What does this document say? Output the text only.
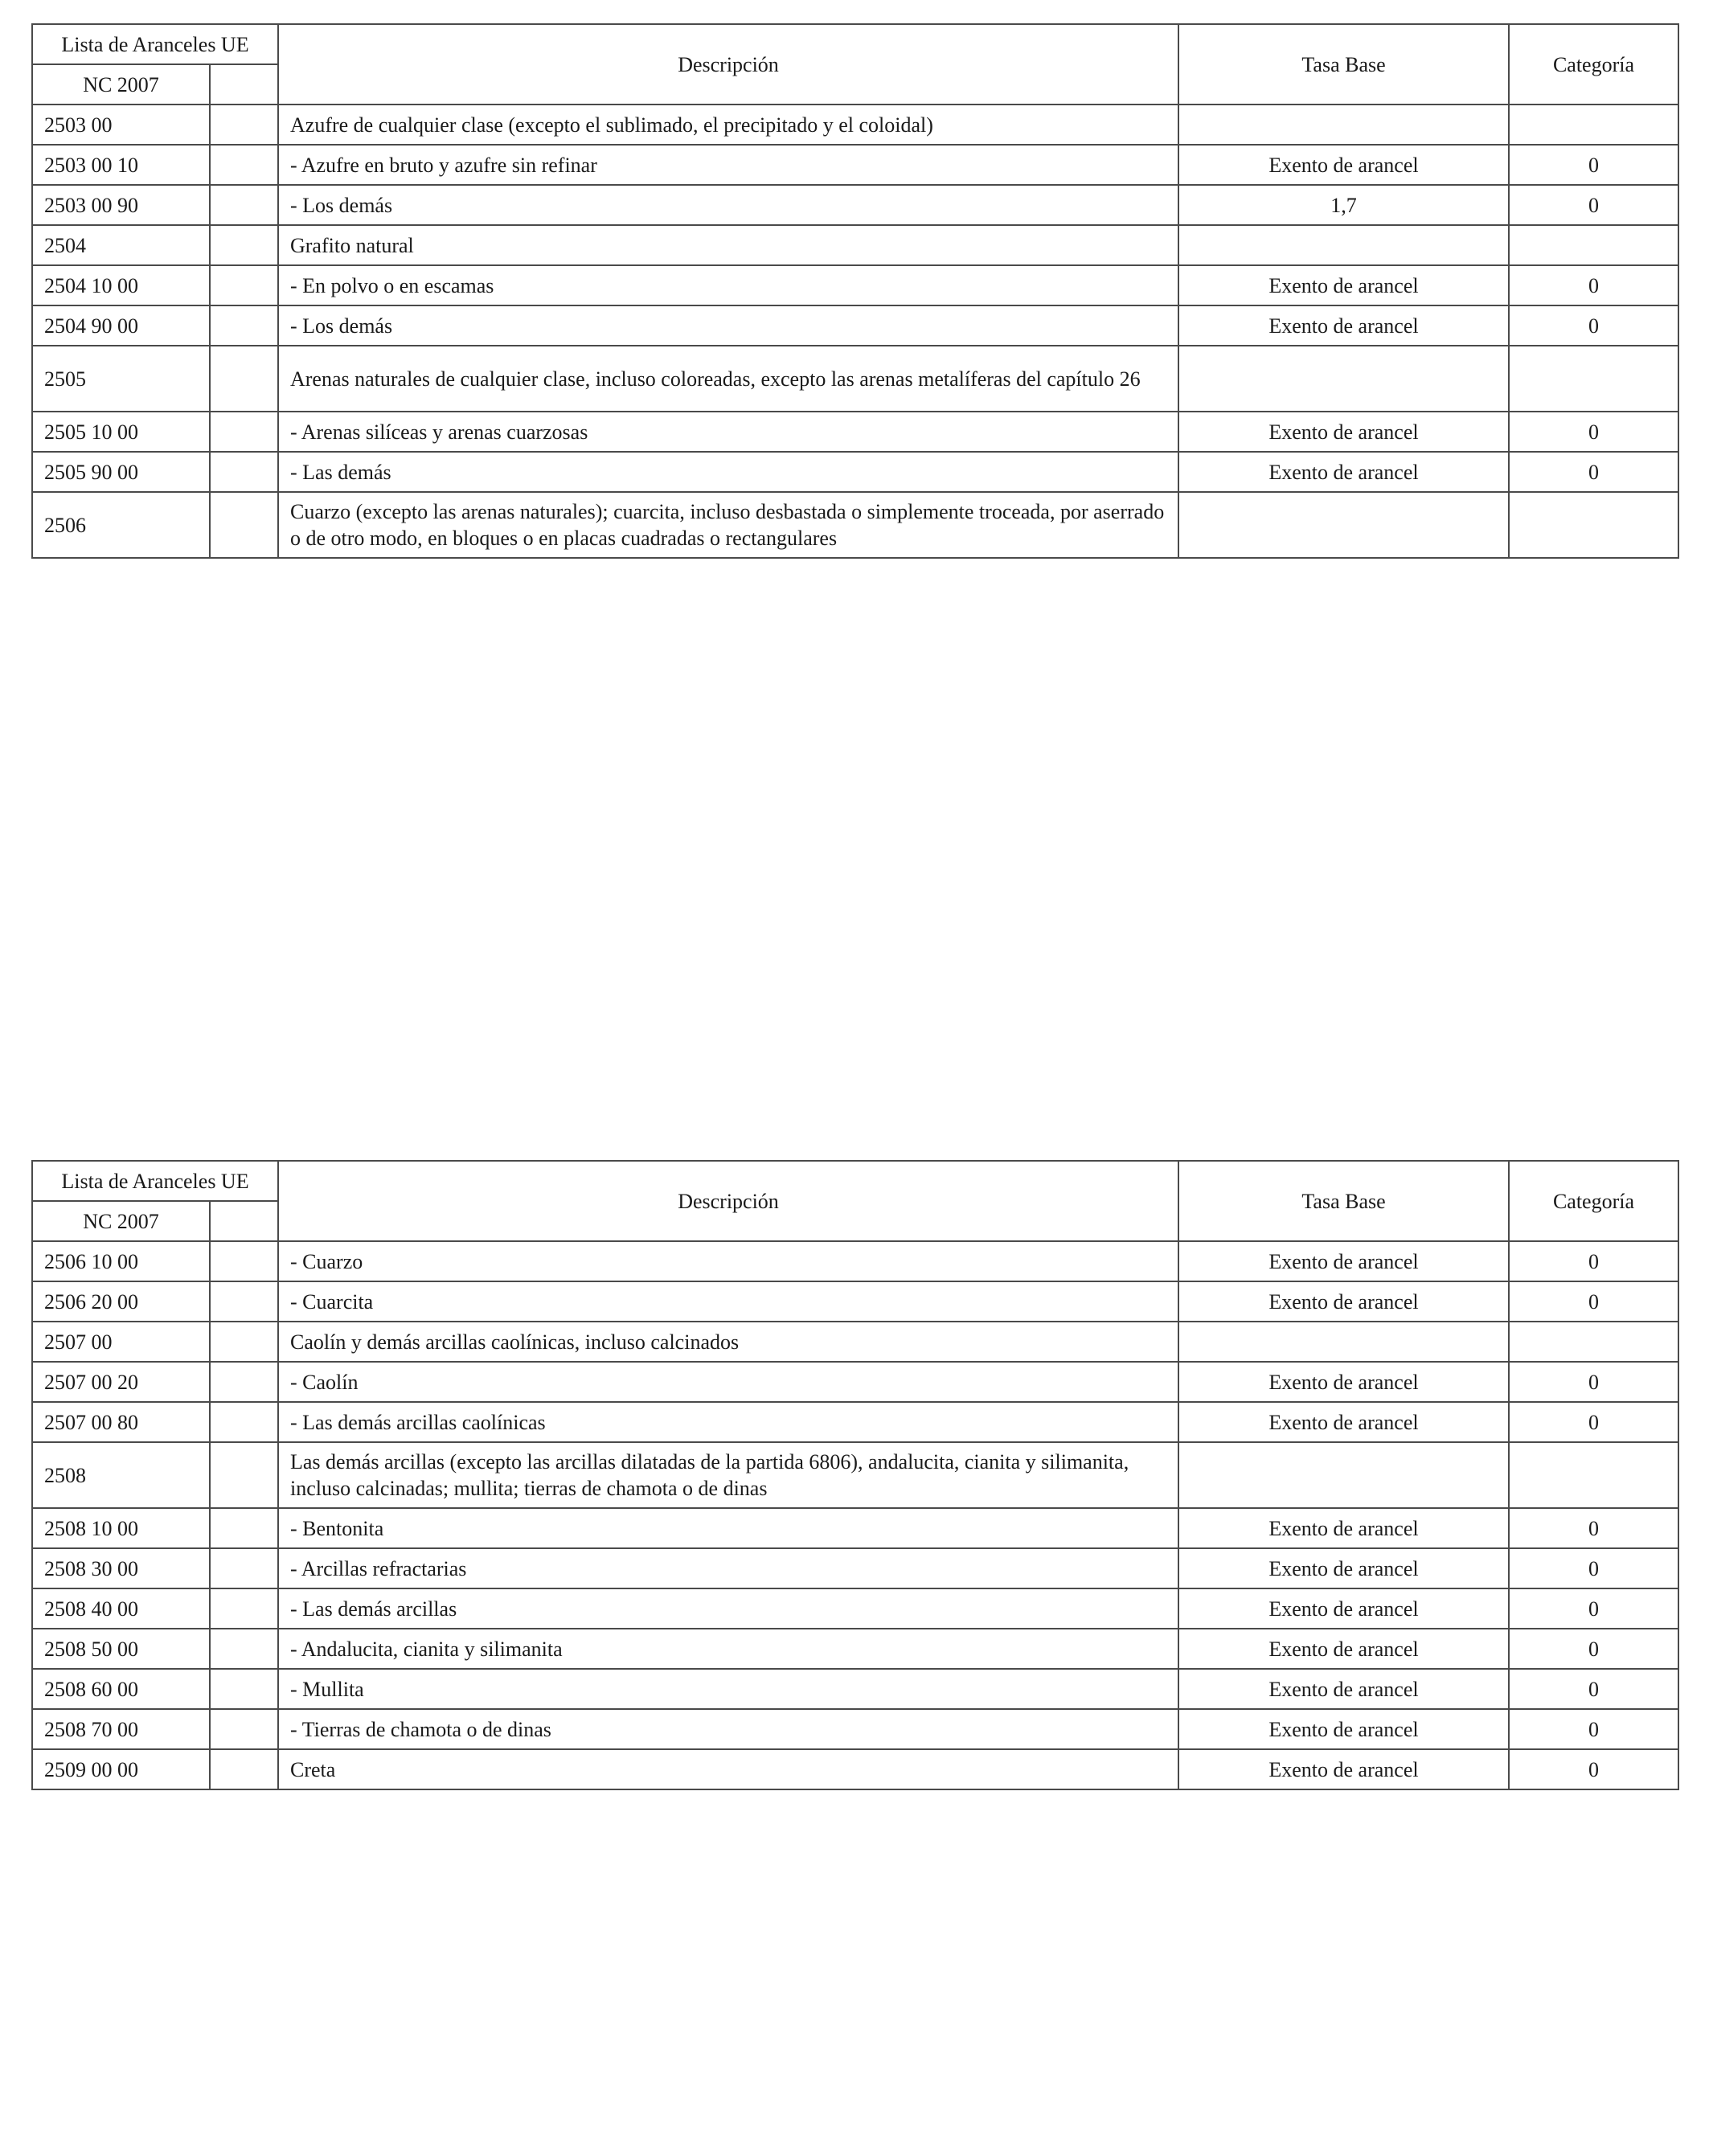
Lista de Aranceles UE		Descripción	Tasa Base	Categoría
NC 2007				
2503 00		Azufre de cualquier clase (excepto el sublimado, el precipitado y el coloidal)		
2503 00 10		- Azufre en bruto y azufre sin refinar	Exento de arancel	0
2503 00 90		- Los demás	1,7	0
2504		Grafito natural		
2504 10 00		- En polvo o en escamas	Exento de arancel	0
2504 90 00		- Los demás	Exento de arancel	0
2505		Arenas naturales de cualquier clase, incluso coloreadas, excepto las arenas metalíferas del capítulo 26		
2505 10 00		- Arenas silíceas y arenas cuarzosas	Exento de arancel	0
2505 90 00		- Las demás	Exento de arancel	0
2506		Cuarzo (excepto las arenas naturales); cuarcita, incluso desbastada o simplemente troceada, por aserrado o de otro modo, en bloques o en placas cuadradas o rectangulares		
Lista de Aranceles UE		Descripción	Tasa Base	Categoría
NC 2007				
2506 10 00		- Cuarzo	Exento de arancel	0
2506 20 00		- Cuarcita	Exento de arancel	0
2507 00		Caolín y demás arcillas caolínicas, incluso calcinados		
2507 00 20		- Caolín	Exento de arancel	0
2507 00 80		- Las demás arcillas caolínicas	Exento de arancel	0
2508		Las demás arcillas (excepto las arcillas dilatadas de la partida 6806), andalucita, cianita y silimanita, incluso calcinadas; mullita; tierras de chamota o de dinas		
2508 10 00		- Bentonita	Exento de arancel	0
2508 30 00		- Arcillas refractarias	Exento de arancel	0
2508 40 00		- Las demás arcillas	Exento de arancel	0
2508 50 00		- Andalucita, cianita y silimanita	Exento de arancel	0
2508 60 00		- Mullita	Exento de arancel	0
2508 70 00		- Tierras de chamota o de dinas	Exento de arancel	0
2509 00 00		Creta	Exento de arancel	0
